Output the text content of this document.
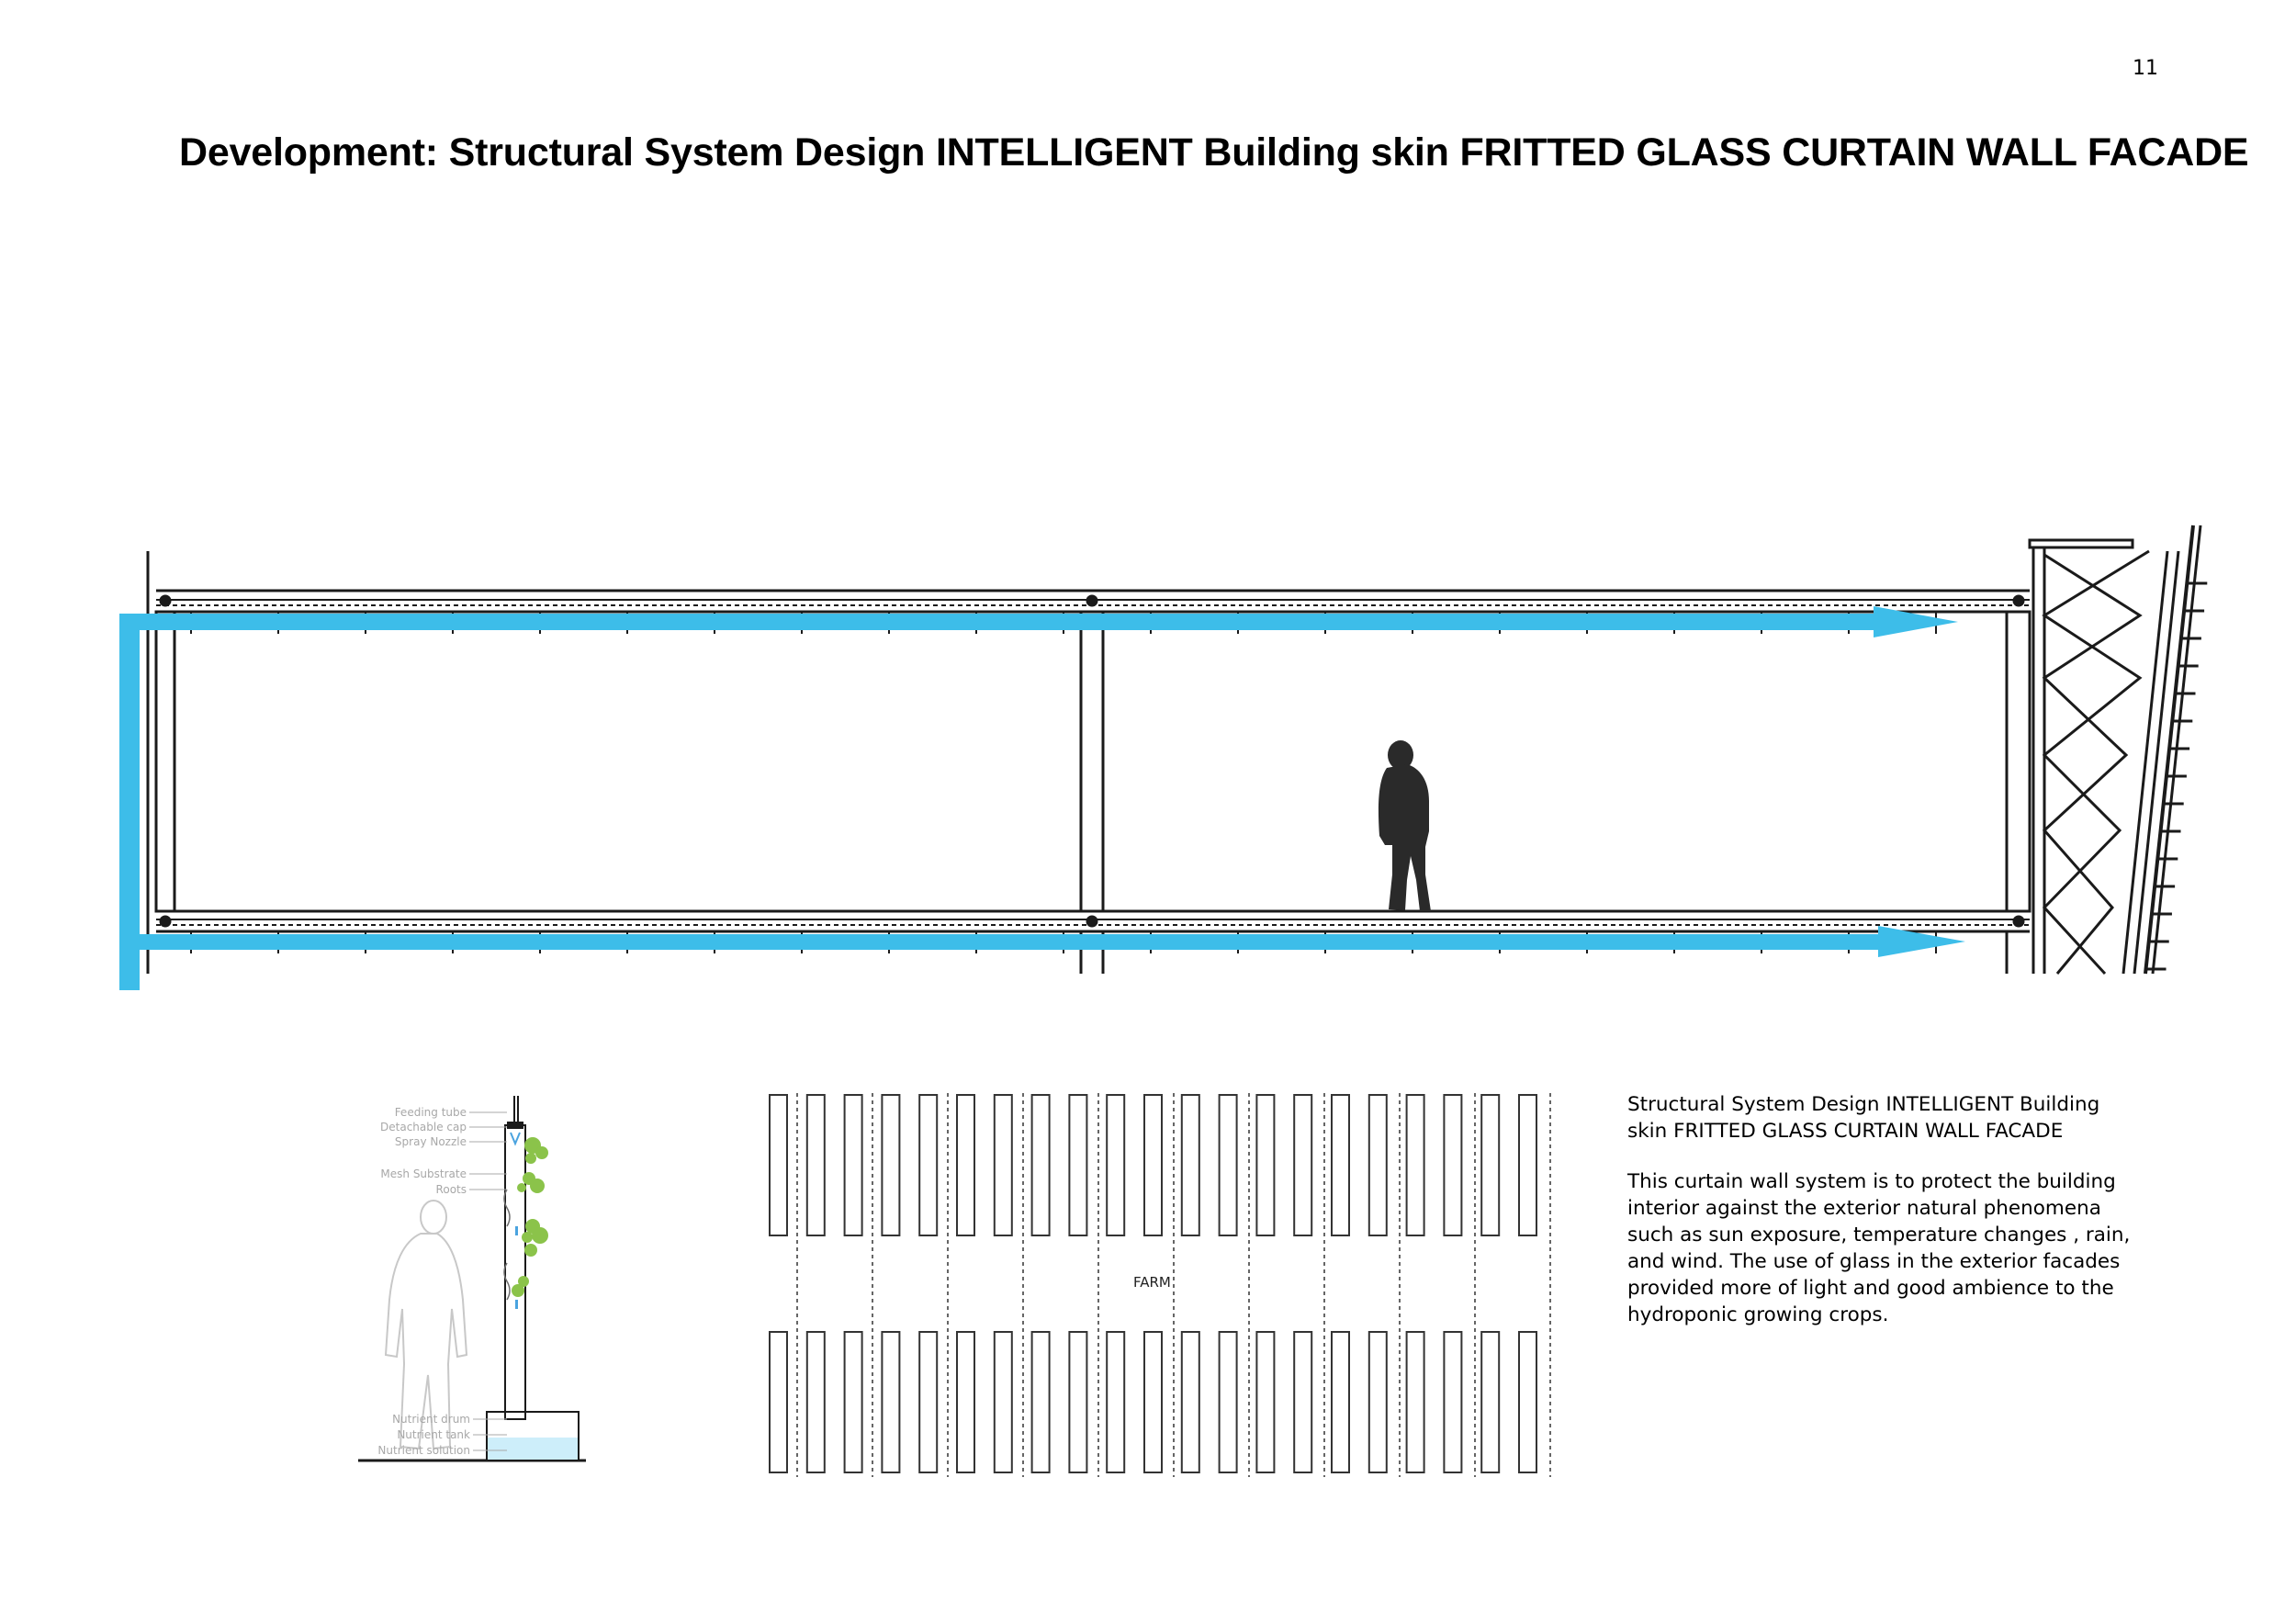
11
Development: Structural System Design INTELLIGENT Building skin FRITTED GLASS CURTAIN WALL FACADE
Feeding tube
Detachable cap
Spray Nozzle
Mesh Substrate
Roots
Nutrient drum
Nutrient tank
Nutrient solution
FARM

Structural System Design INTELLIGENT Building skin FRITTED GLASS CURTAIN WALL FACADE

This curtain wall system is to protect the building interior against the exterior natural phenomena such as sun exposure, temperature changes , rain, and wind. The use of glass in the exterior facades provided more of light and good ambience to the hydroponic growing crops.
